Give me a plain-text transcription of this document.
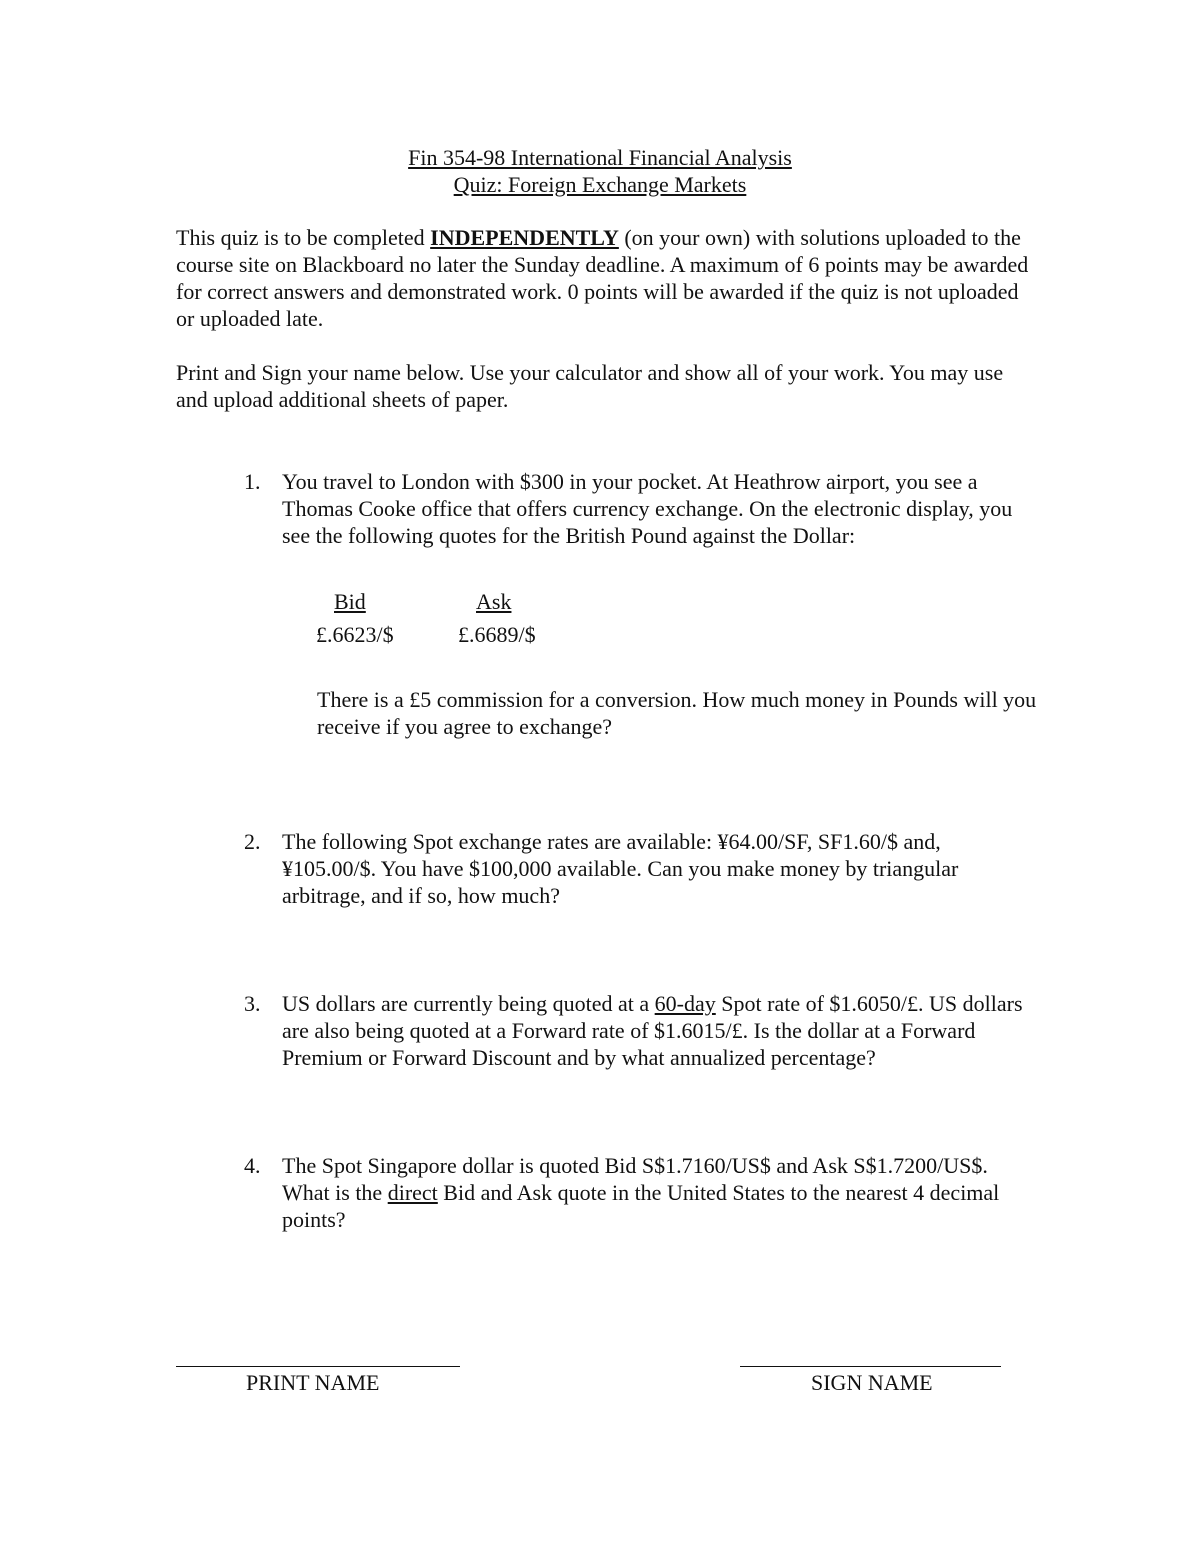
Fin 354-98 International Financial Analysis
Quiz: Foreign Exchange Markets

This quiz is to be completed INDEPENDENTLY (on your own) with solutions uploaded to the course site on Blackboard no later the Sunday deadline. A maximum of 6 points may be awarded for correct answers and demonstrated work. 0 points will be awarded if the quiz is not uploaded or uploaded late.

Print and Sign your name below. Use your calculator and show all of your work. You may use and upload additional sheets of paper.

1. You travel to London with $300 in your pocket. At Heathrow airport, you see a Thomas Cooke office that offers currency exchange. On the electronic display, you see the following quotes for the British Pound against the Dollar:

Bid	Ask
£.6623/$	£.6689/$

There is a £5 commission for a conversion. How much money in Pounds will you receive if you agree to exchange?

2. The following Spot exchange rates are available: ¥64.00/SF, SF1.60/$ and, ¥105.00/$. You have $100,000 available. Can you make money by triangular arbitrage, and if so, how much?

3. US dollars are currently being quoted at a 60-day Spot rate of $1.6050/£. US dollars are also being quoted at a Forward rate of $1.6015/£. Is the dollar at a Forward Premium or Forward Discount and by what annualized percentage?

4. The Spot Singapore dollar is quoted Bid S$1.7160/US$ and Ask S$1.7200/US$. What is the direct Bid and Ask quote in the United States to the nearest 4 decimal points?

PRINT NAME	SIGN NAME
